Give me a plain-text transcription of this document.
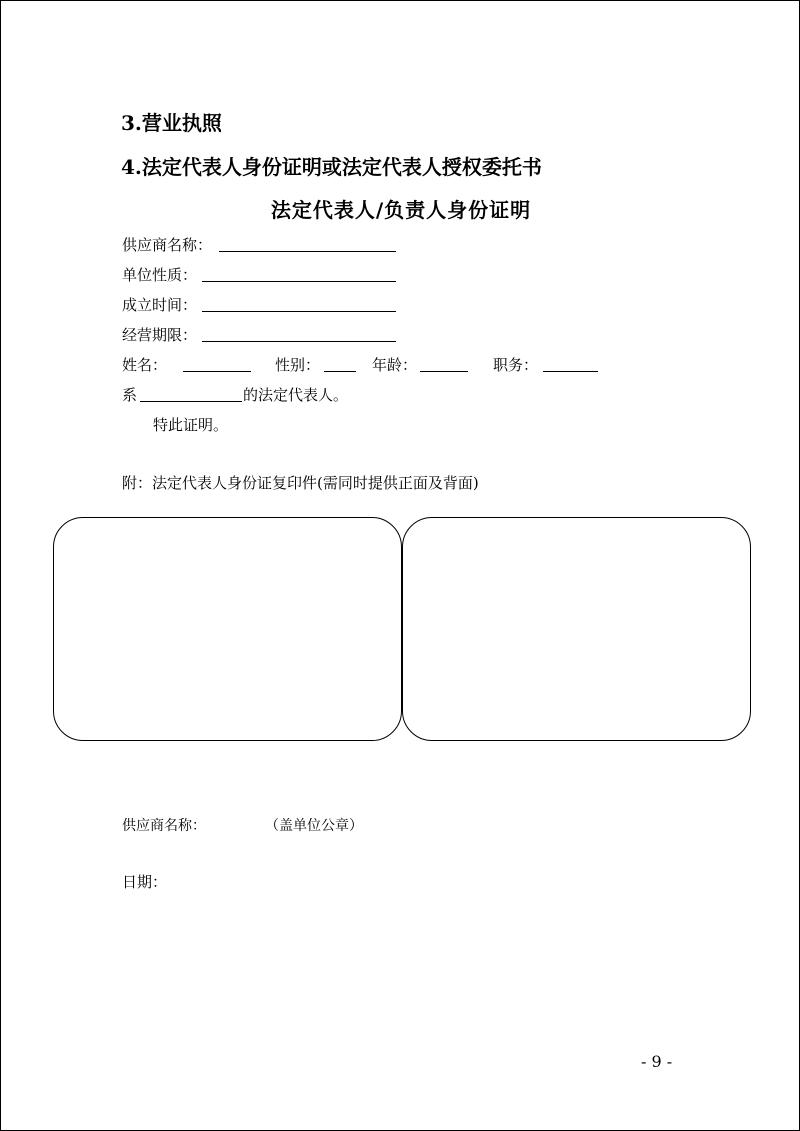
3.营业执照
4.法定代表人身份证明或法定代表人授权委托书
法定代表人/负责人身份证明
供应商名称：
单位性质：
成立时间：
经营期限：
姓名：	性别：	年龄：	职务：
系	的法定代表人。
特此证明。
附：法定代表人身份证复印件(需同时提供正面及背面)
供应商名称：	（盖单位公章）
日期：
- 9 -
